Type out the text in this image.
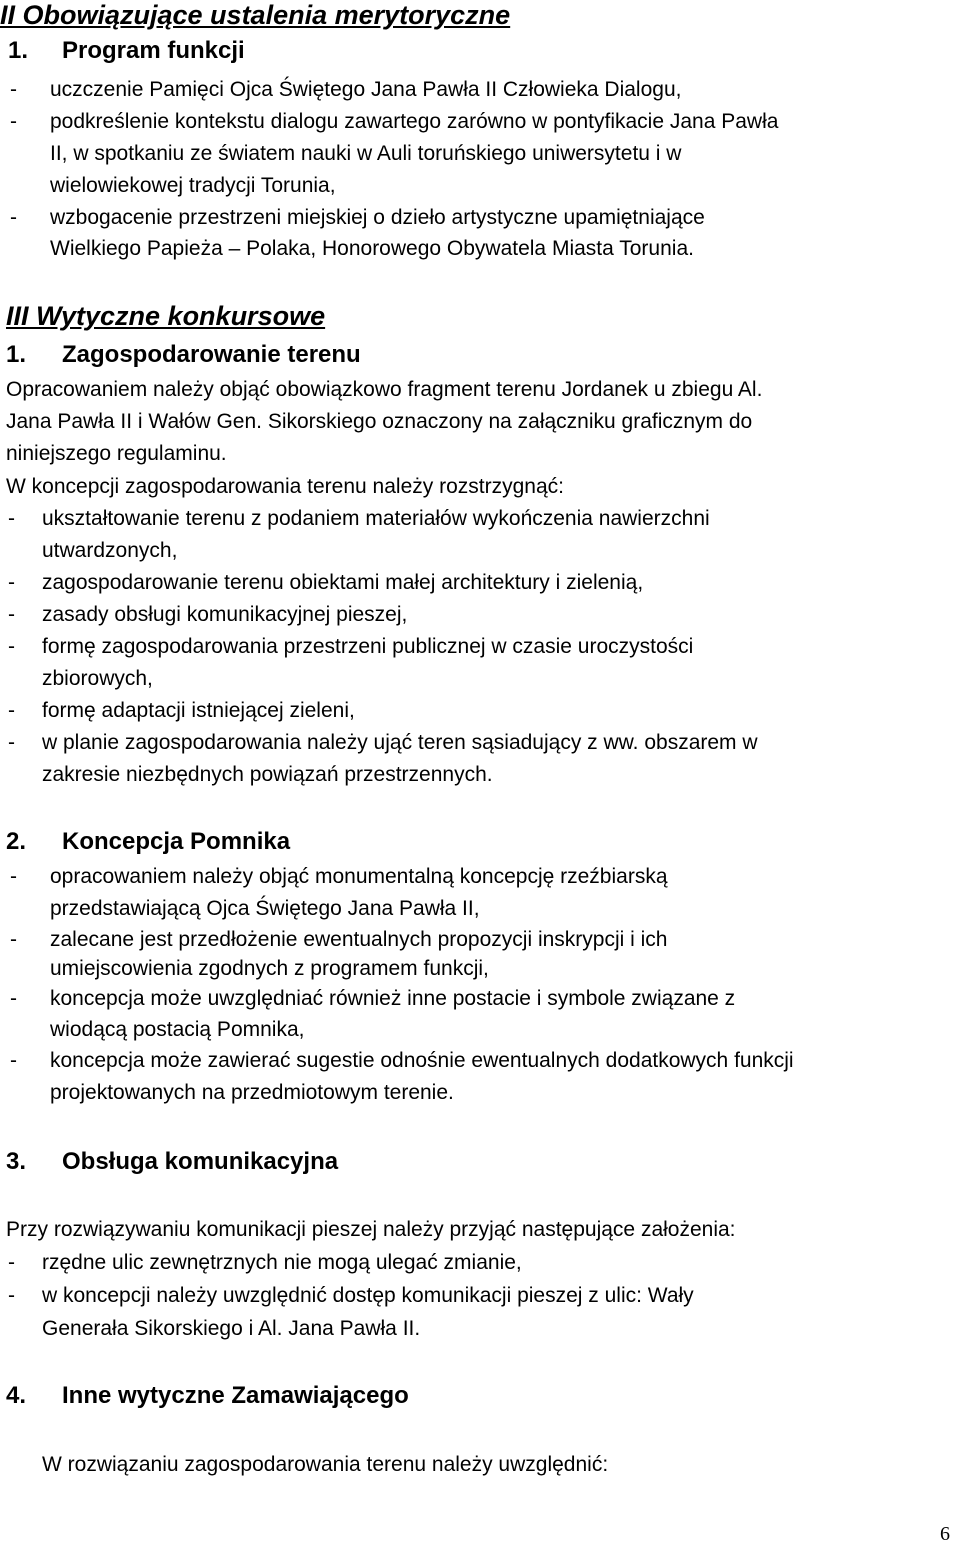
II Obowiązujące ustalenia merytoryczne
1. Program funkcji
- uczczenie Pamięci Ojca Świętego Jana Pawła II Człowieka Dialogu,
- podkreślenie kontekstu dialogu zawartego zarówno w pontyfikacie Jana Pawła
II, w spotkaniu ze światem nauki w Auli toruńskiego uniwersytetu i w
wielowiekowej tradycji Torunia,
- wzbogacenie przestrzeni miejskiej o dzieło artystyczne upamiętniające
Wielkiego Papieża – Polaka, Honorowego Obywatela Miasta Torunia.
III Wytyczne konkursowe
1. Zagospodarowanie terenu
Opracowaniem należy objąć obowiązkowo fragment terenu Jordanek u zbiegu Al.
Jana Pawła II i Wałów Gen. Sikorskiego oznaczony na załączniku graficznym do
niniejszego regulaminu.
W koncepcji zagospodarowania terenu należy rozstrzygnąć:
- ukształtowanie terenu z podaniem materiałów wykończenia nawierzchni
utwardzonych,
- zagospodarowanie terenu obiektami małej architektury i zielenią,
- zasady obsługi komunikacyjnej pieszej,
- formę zagospodarowania przestrzeni publicznej w czasie uroczystości
zbiorowych,
- formę adaptacji istniejącej zieleni,
- w planie zagospodarowania należy ująć teren sąsiadujący z ww. obszarem w
zakresie niezbędnych powiązań przestrzennych.
2. Koncepcja Pomnika
- opracowaniem należy objąć monumentalną koncepcję rzeźbiarską
przedstawiającą Ojca Świętego Jana Pawła II,
- zalecane jest przedłożenie ewentualnych propozycji inskrypcji i ich
umiejscowienia zgodnych z programem funkcji,
- koncepcja może uwzględniać również inne postacie i symbole związane z
wiodącą postacią Pomnika,
- koncepcja może zawierać sugestie odnośnie ewentualnych dodatkowych funkcji
projektowanych na przedmiotowym terenie.
3. Obsługa komunikacyjna
Przy rozwiązywaniu komunikacji pieszej należy przyjąć następujące założenia:
- rzędne ulic zewnętrznych nie mogą ulegać zmianie,
- w koncepcji należy uwzględnić dostęp komunikacji pieszej z ulic: Wały
Generała Sikorskiego i Al. Jana Pawła II.
4. Inne wytyczne Zamawiającego
W rozwiązaniu zagospodarowania terenu należy uwzględnić:
6
